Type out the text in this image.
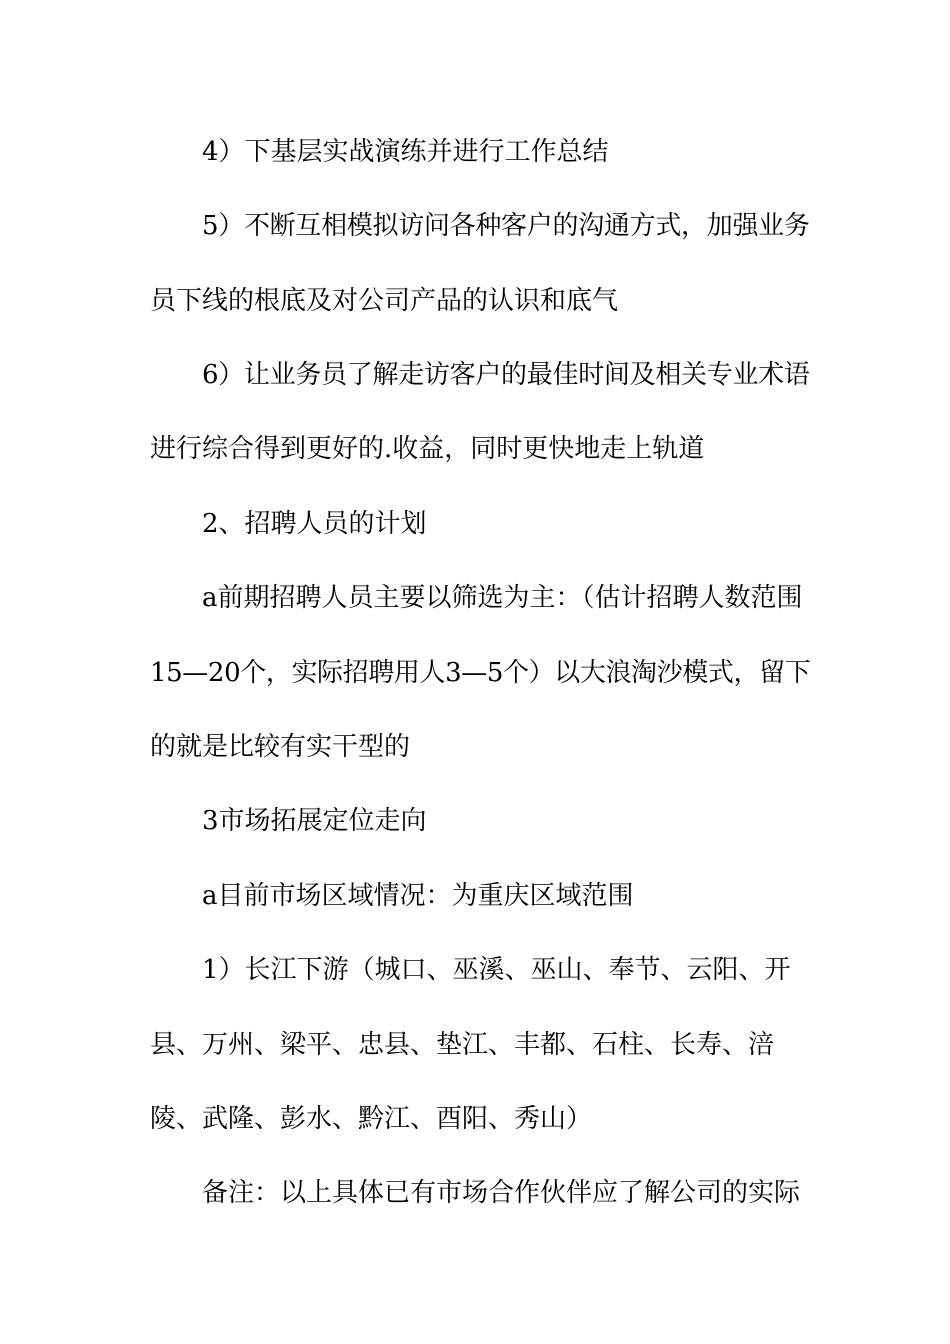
4）下基层实战演练并进行工作总结
5）不断互相模拟访问各种客户的沟通方式，加强业务
员下线的根底及对公司产品的认识和底气
6）让业务员了解走访客户的最佳时间及相关专业术语
进行综合得到更好的.收益，同时更快地走上轨道
2、招聘人员的计划
a前期招聘人员主要以筛选为主：（估计招聘人数范围
15—20个，实际招聘用人3—5个）以大浪淘沙模式，留下
的就是比较有实干型的
3市场拓展定位走向
a目前市场区域情况：为重庆区域范围
1）长江下游（城口、巫溪、巫山、奉节、云阳、开
县、万州、梁平、忠县、垫江、丰都、石柱、长寿、涪
陵、武隆、彭水、黔江、酉阳、秀山）
备注：以上具体已有市场合作伙伴应了解公司的实际
